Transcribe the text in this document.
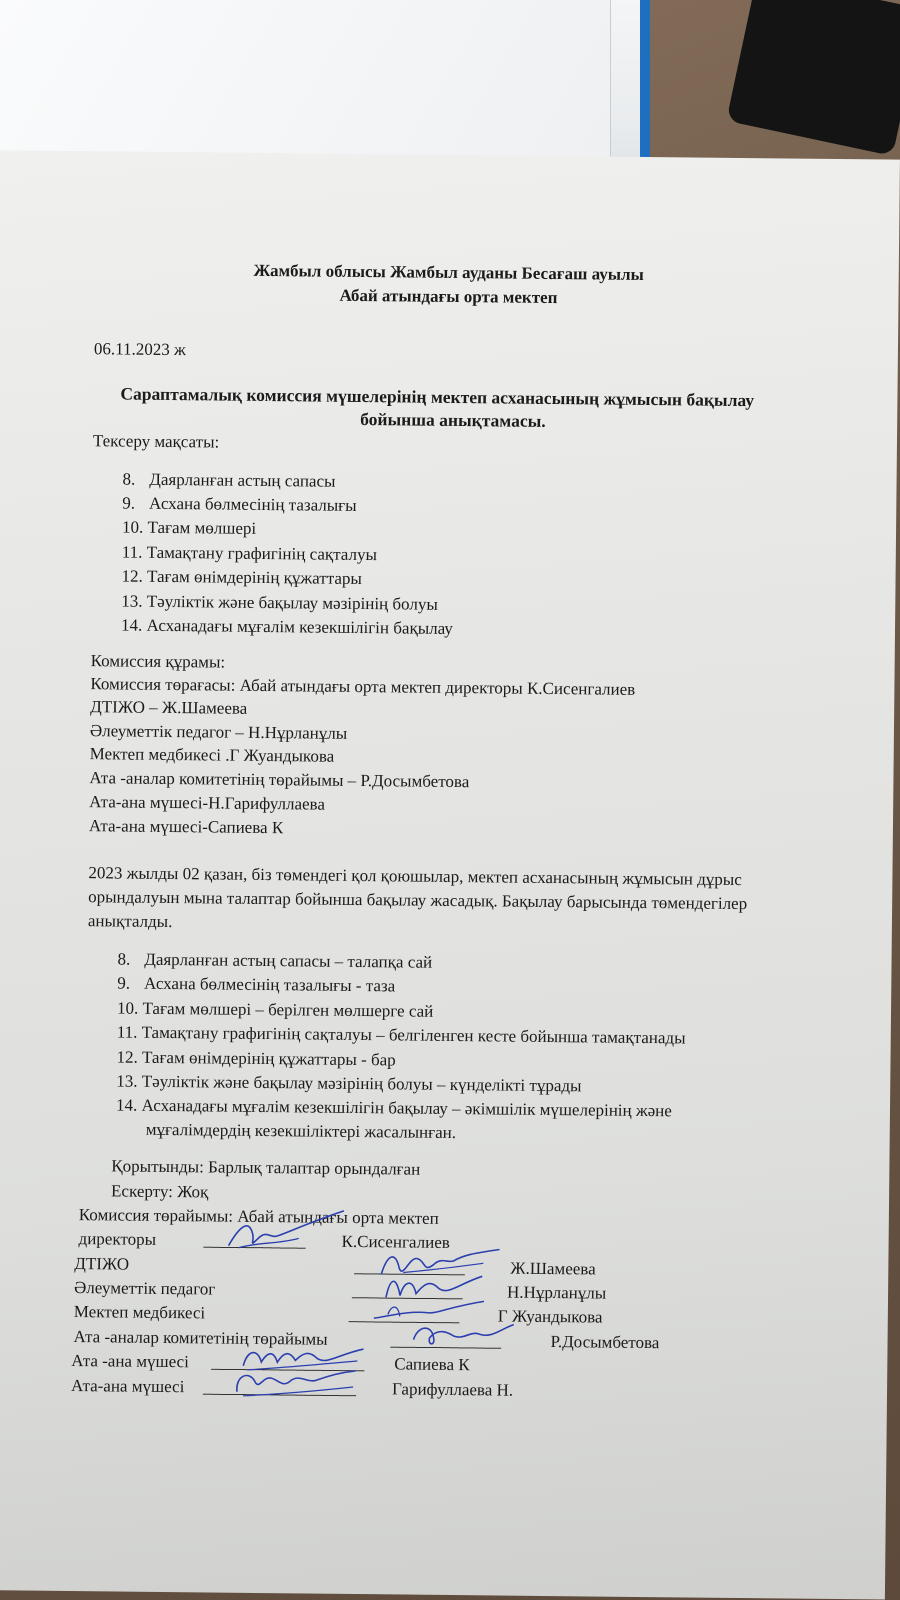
Жамбыл облысы Жамбыл ауданы Бесағаш ауылы
Абай атындағы орта мектеп
06.11.2023 ж
Сараптамалық комиссия мүшелерінің мектеп асханасының жұмысын бақылау
бойынша анықтамасы.
Тексеру мақсаты:
8. Даярланған астың сапасы
9. Асхана бөлмесінің тазалығы
10. Тағам мөлшері
11. Тамақтану графигінің сақталуы
12. Тағам өнімдерінің құжаттары
13. Тәуліктік және бақылау мәзірінің болуы
14. Асханадағы мұғалім кезекшілігін бақылау
Комиссия құрамы:
Комиссия төрағасы: Абай атындағы орта мектеп директоры К.Сисенгалиев
ДТІЖО – Ж.Шамеева
Әлеуметтік педагог – Н.Нұрланұлы
Мектеп медбикесі .Г Жуандыкова
Ата -аналар комитетінің төрайымы – Р.Досымбетова
Ата-ана мүшесі-Н.Гарифуллаева
Ата-ана мүшесі-Сапиева К
2023 жылды 02 қазан, біз төмендегі қол қоюшылар, мектеп асханасының жұмысын дұрыс
орындалуын мына талаптар бойынша бақылау жасадық. Бақылау барысында төмендегілер
анықталды.
8. Даярланған астың сапасы – талапқа сай
9. Асхана бөлмесінің тазалығы - таза
10. Тағам мөлшері – берілген мөлшерге сай
11. Тамақтану графигінің сақталуы – белгіленген кесте бойынша тамақтанады
12. Тағам өнімдерінің құжаттары - бар
13. Тәуліктік және бақылау мәзірінің болуы – күнделікті тұрады
14. Асханадағы мұғалім кезекшілігін бақылау – әкімшілік мүшелерінің және
мұғалімдердің кезекшіліктері жасалынған.
Қорытынды: Барлық талаптар орындалған
Ескерту: Жоқ
Комиссия төрайымы: Абай атындағы орта мектеп
директоры	____________ К.Сисенгалиев
ДТІЖО	_____________	Ж.Шамеева
Әлеуметтік педагог	_____________	Н.Нұрланұлы
Мектеп медбикесі	_____________ Г Жуандыкова
Ата -аналар комитетінің төрайымы	_____________	Р.Досымбетова
Ата -ана мүшесі __________________ Сапиева К
Ата-ана мүшесі __________________ Гарифуллаева Н.
